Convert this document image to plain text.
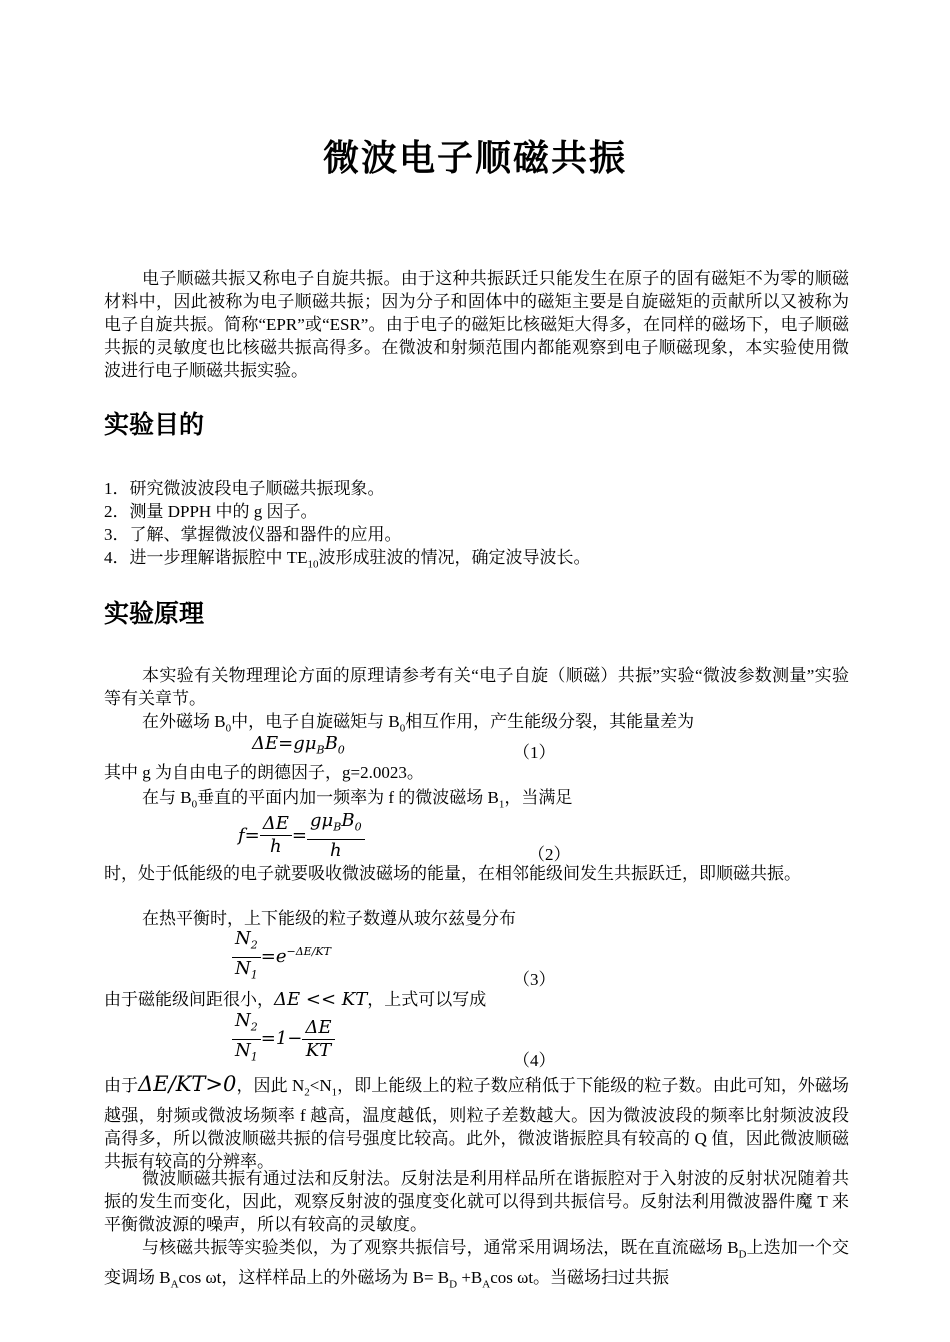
微波电子顺磁共振
电子顺磁共振又称电子自旋共振。由于这种共振跃迁只能发生在原子的固有磁矩不为零的顺磁材料中，因此被称为电子顺磁共振；因为分子和固体中的磁矩主要是自旋磁矩的贡献所以又被称为电子自旋共振。简称“EPR”或“ESR”。由于电子的磁矩比核磁矩大得多，在同样的磁场下，电子顺磁共振的灵敏度也比核磁共振高得多。在微波和射频范围内都能观察到电子顺磁现象，本实验使用微波进行电子顺磁共振实验。
实验目的
1．研究微波波段电子顺磁共振现象。
2．测量 DPPH 中的 g 因子。
3．了解、掌握微波仪器和器件的应用。
4．进一步理解谐振腔中 $TE_{10}$波形成驻波的情况，确定波导波长。
实验原理
本实验有关物理理论方面的原理请参考有关“电子自旋（顺磁）共振”实验“微波参数测量”实验等有关章节。
在外磁场 $B_0$中，电子自旋磁矩与 $B_0$相互作用，产生能级分裂，其能量差为
$\Delta E=g\mu_BB_0$	（1）
其中 g 为自由电子的朗德因子，g=2.0023。
在与 $B_0$垂直的平面内加一频率为 f 的微波磁场 $B_1$，当满足
$f= \frac{\Delta E}{h} = \frac{g\mu_BB_0}{h}$	（2）
时，处于低能级的电子就要吸收微波磁场的能量，在相邻能级间发生共振跃迁，即顺磁共振。
在热平衡时，上下能级的粒子数遵从玻尔兹曼分布
$\frac{N_2}{N_1} =e^{-\Delta E/KT}$
（3）
由于磁能级间距很小，ΔE << KT，上式可以写成
$\frac{N_2}{N_1} =1- \frac{\Delta E}{KT}$	（4）
由于ΔE/KT>0，因此 $N_2<N_1$，即上能级上的粒子数应稍低于下能级的粒子数。由此可知，外磁场越强，射频或微波场频率 f 越高，温度越低，则粒子差数越大。因为微波波段的频率比射频波波段高得多，所以微波顺磁共振的信号强度比较高。此外，微波谐振腔具有较高的 Q 值，因此微波顺磁共振有较高的分辨率。
微波顺磁共振有通过法和反射法。反射法是利用样品所在谐振腔对于入射波的反射状况随着共振的发生而变化，因此，观察反射波的强度变化就可以得到共振信号。反射法利用微波器件魔 T 来平衡微波源的噪声，所以有较高的灵敏度。
与核磁共振等实验类似，为了观察共振信号，通常采用调场法，既在直流磁场 $B_D$上迭加一个交变调场 $B_A\cos$ ωt，这样样品上的外磁场为 $B= B_D +B_A\cos$ ωt。当磁场扫过共振
